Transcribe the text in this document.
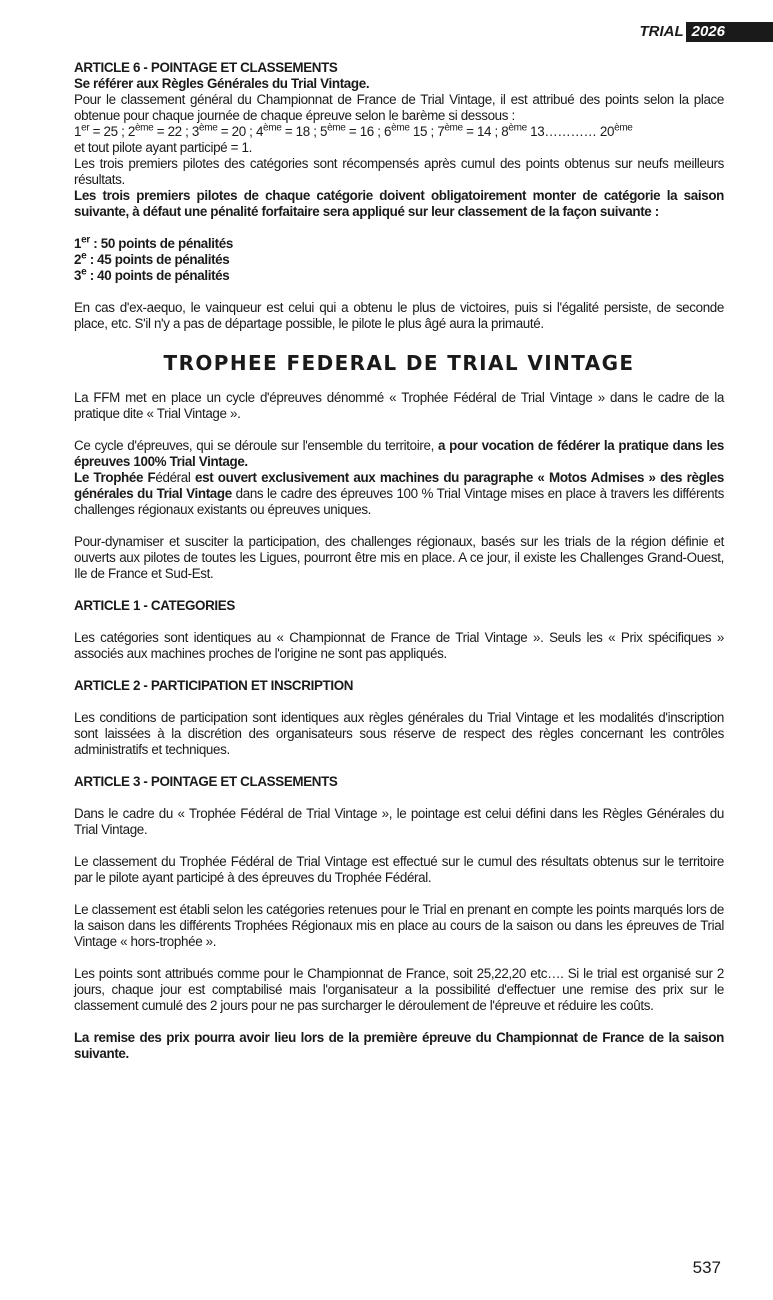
TRIAL 2026

ARTICLE 6 - POINTAGE ET CLASSEMENTS

Se référer aux Règles Générales du Trial Vintage.

Pour le classement général du Championnat de France de Trial Vintage, il est attribué des points selon la place obtenue pour chaque journée de chaque épreuve selon le barème si dessous :

1er = 25 ; 2ème = 22 ; 3ème = 20 ; 4ème = 18 ; 5ème = 16 ; 6ème 15 ; 7ème = 14 ; 8ème 13………… 20ème

et tout pilote ayant participé = 1.

Les trois premiers pilotes des catégories sont récompensés après cumul des points obtenus sur neufs meilleurs résultats.

Les trois premiers pilotes de chaque catégorie doivent obligatoirement monter de catégorie la saison suivante, à défaut une pénalité forfaitaire sera appliqué sur leur classement de la façon suivante :

1er : 50 points de pénalités

2e : 45 points de pénalités

3e : 40 points de pénalités

En cas d'ex-aequo, le vainqueur est celui qui a obtenu le plus de victoires, puis si l'égalité persiste, de seconde place, etc. S'il n'y a pas de départage possible, le pilote le plus âgé aura la primauté.

TROPHEE FEDERAL DE TRIAL VINTAGE

La FFM met en place un cycle d'épreuves dénommé « Trophée Fédéral de Trial Vintage » dans le cadre de la pratique dite « Trial Vintage ».

Ce cycle d'épreuves, qui se déroule sur l'ensemble du territoire, a pour vocation de fédérer la pratique dans les épreuves 100% Trial Vintage.

Le Trophée Fédéral est ouvert exclusivement aux machines du paragraphe « Motos Admises » des règles générales du Trial Vintage dans le cadre des épreuves 100 % Trial Vintage mises en place à travers les différents challenges régionaux existants ou épreuves uniques.

Pour-dynamiser et susciter la participation, des challenges régionaux, basés sur les trials de la région définie et ouverts aux pilotes de toutes les Ligues, pourront être mis en place. A ce jour, il existe les Challenges Grand-Ouest, Ile de France et Sud-Est.

ARTICLE 1 - CATEGORIES

Les catégories sont identiques au « Championnat de France de Trial Vintage ». Seuls les « Prix spécifiques » associés aux machines proches de l'origine ne sont pas appliqués.

ARTICLE 2 - PARTICIPATION ET INSCRIPTION

Les conditions de participation sont identiques aux règles générales du Trial Vintage et les modalités d'inscription sont laissées à la discrétion des organisateurs sous réserve de respect des règles concernant les contrôles administratifs et techniques.

ARTICLE 3 - POINTAGE ET CLASSEMENTS

Dans le cadre du « Trophée Fédéral de Trial Vintage », le pointage est celui défini dans les Règles Générales du Trial Vintage.

Le classement du Trophée Fédéral de Trial Vintage est effectué sur le cumul des résultats obtenus sur le territoire par le pilote ayant participé à des épreuves du Trophée Fédéral.

Le classement est établi selon les catégories retenues pour le Trial en prenant en compte les points marqués lors de la saison dans les différents Trophées Régionaux mis en place au cours de la saison ou dans les épreuves de Trial Vintage « hors-trophée ».

Les points sont attribués comme pour le Championnat de France, soit 25,22,20 etc…. Si le trial est organisé sur 2 jours, chaque jour est comptabilisé mais l'organisateur a la possibilité d'effectuer une remise des prix sur le classement cumulé des 2 jours pour ne pas surcharger le déroulement de l'épreuve et réduire les coûts.

La remise des prix pourra avoir lieu lors de la première épreuve du Championnat de France de la saison suivante.

537
